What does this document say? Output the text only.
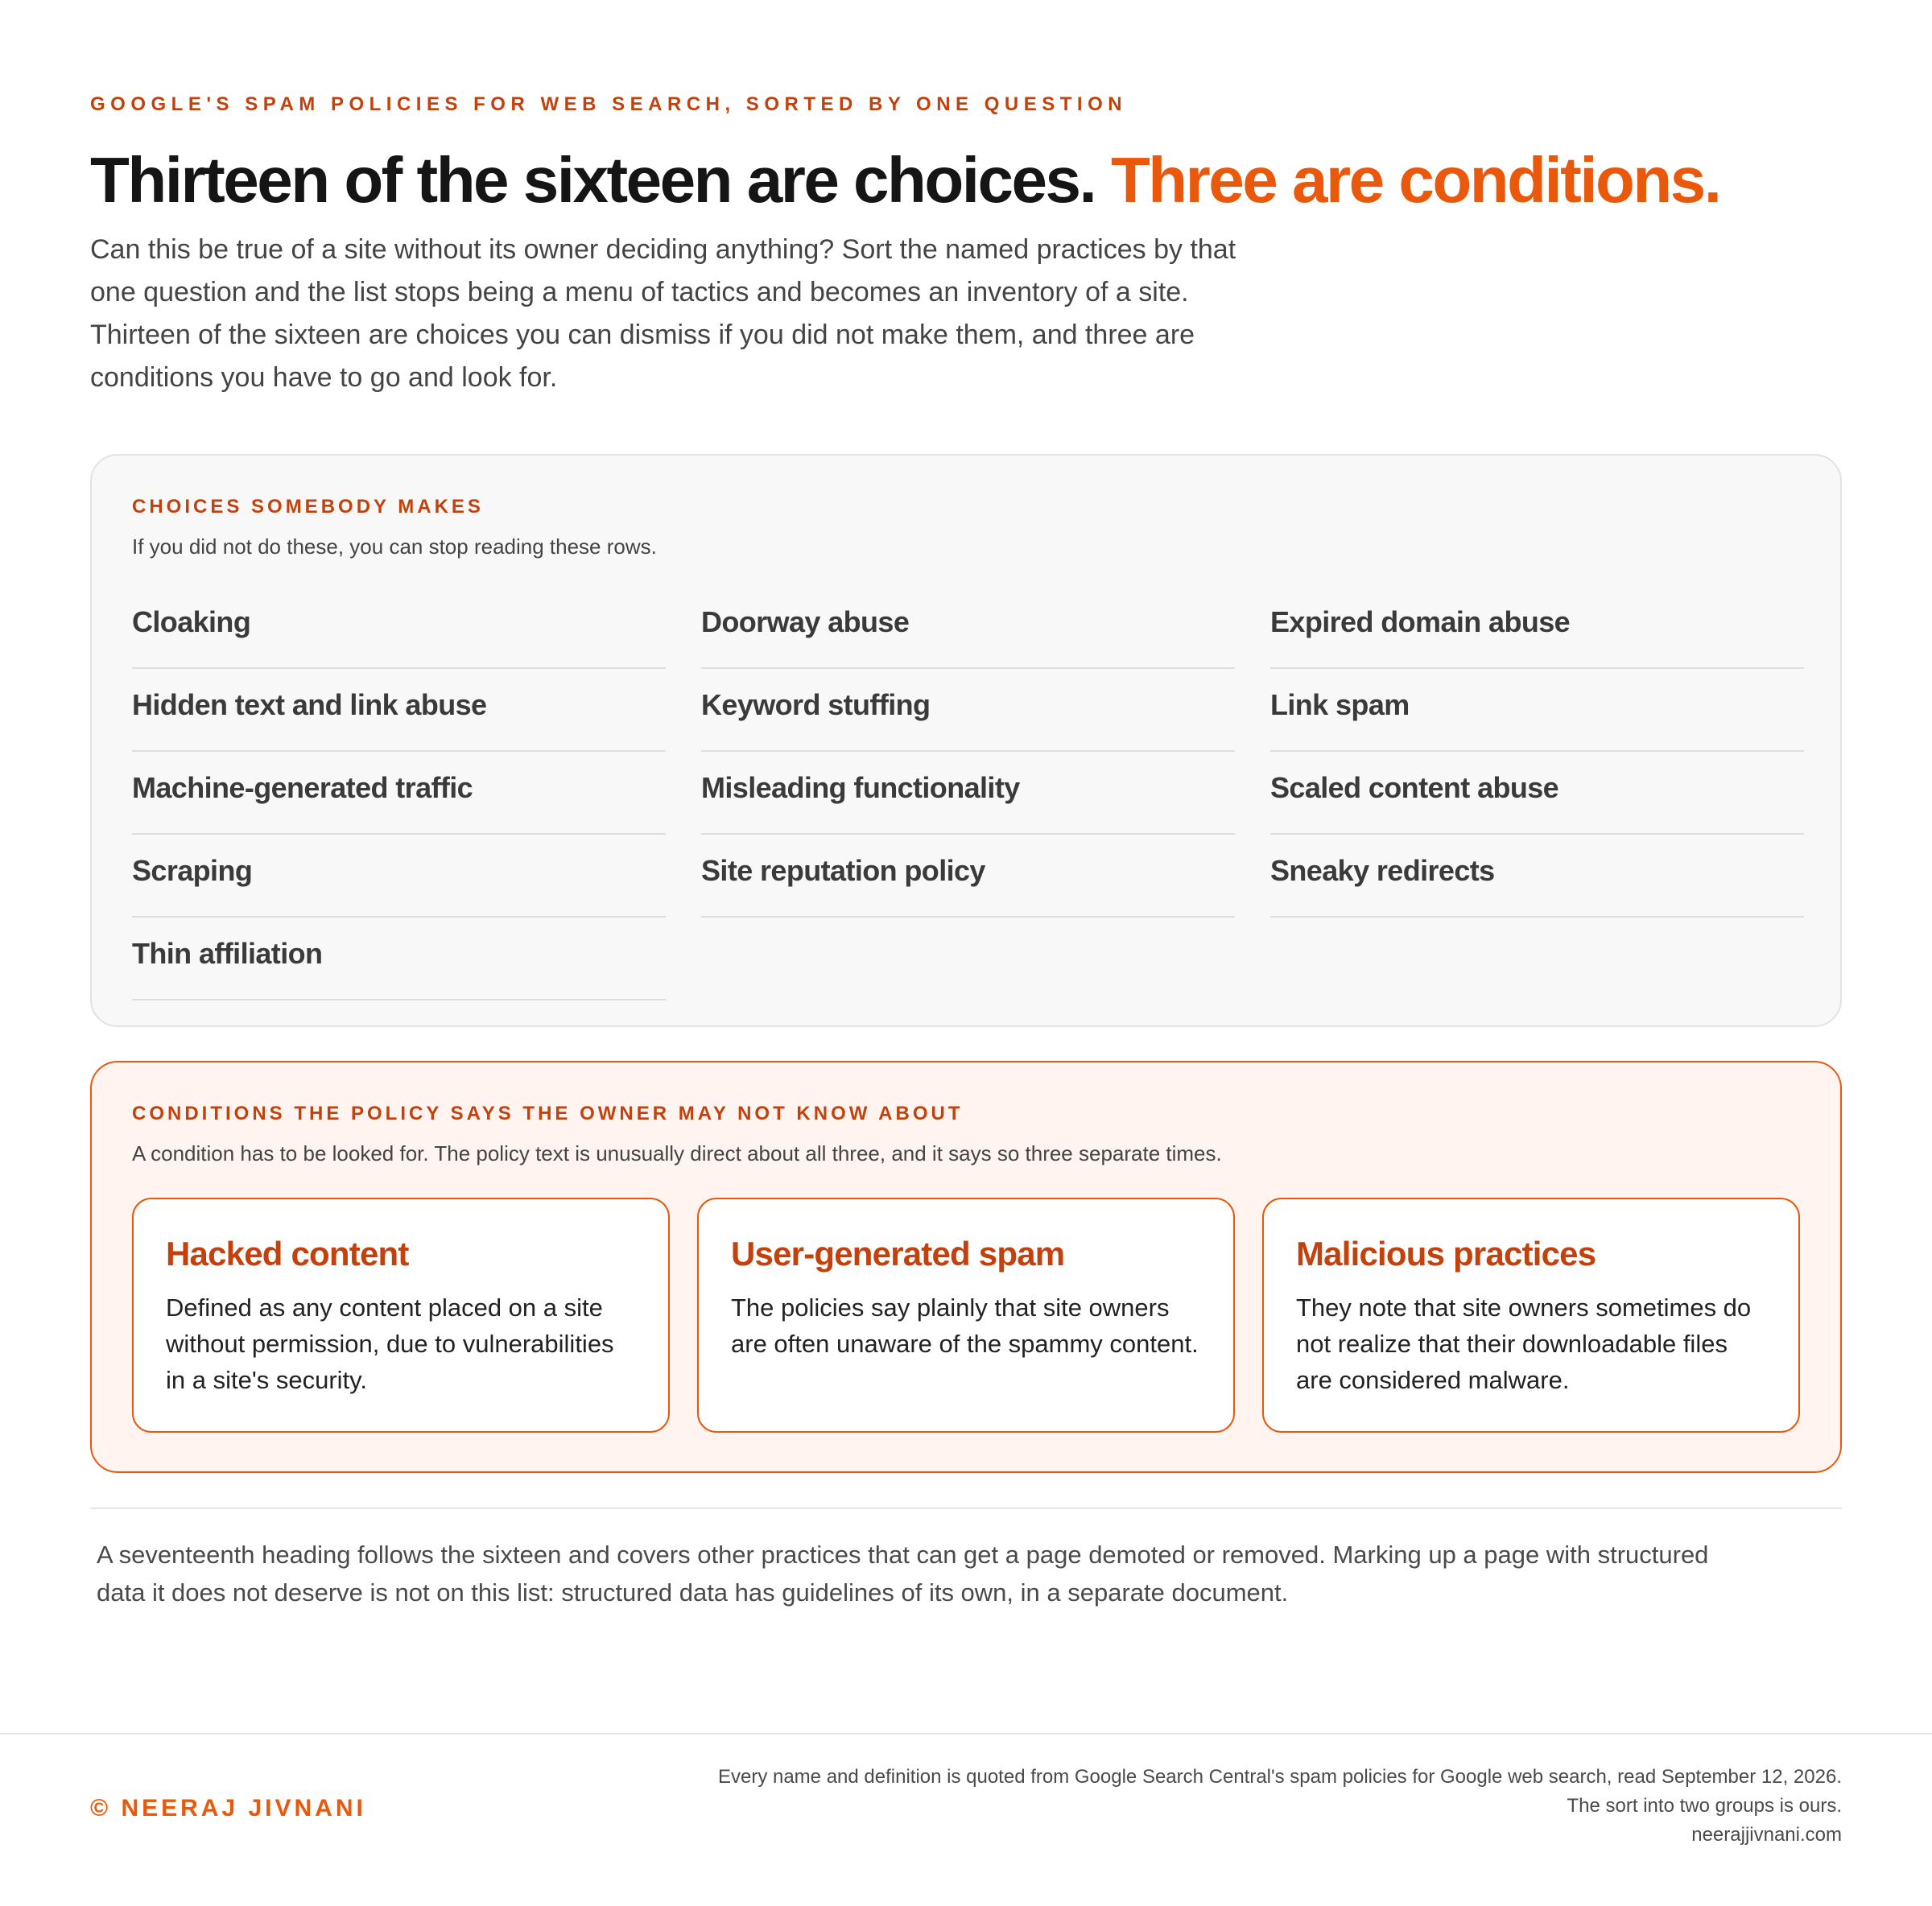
GOOGLE'S SPAM POLICIES FOR WEB SEARCH, SORTED BY ONE QUESTION
Thirteen of the sixteen are choices. Three are conditions.

Can this be true of a site without its owner deciding anything? Sort the named practices by that one question and the list stops being a menu of tactics and becomes an inventory of a site. Thirteen of the sixteen are choices you can dismiss if you did not make them, and three are conditions you have to go and look for.

CHOICES SOMEBODY MAKES
If you did not do these, you can stop reading these rows.
Cloaking	Doorway abuse	Expired domain abuse
Hidden text and link abuse	Keyword stuffing	Link spam
Machine-generated traffic	Misleading functionality	Scaled content abuse
Scraping	Site reputation policy	Sneaky redirects
Thin affiliation
CONDITIONS THE POLICY SAYS THE OWNER MAY NOT KNOW ABOUT
A condition has to be looked for. The policy text is unusually direct about all three, and it says so three separate times.
Hacked content
Defined as any content placed on a site without permission, due to vulnerabilities in a site's security.
User-generated spam
The policies say plainly that site owners are often unaware of the spammy content.
Malicious practices
They note that site owners sometimes do not realize that their downloadable files are considered malware.

A seventeenth heading follows the sixteen and covers other practices that can get a page demoted or removed. Marking up a page with structured data it does not deserve is not on this list: structured data has guidelines of its own, in a separate document.

© NEERAJ JIVNANI
Every name and definition is quoted from Google Search Central's spam policies for Google web search, read September 12, 2026. The sort into two groups is ours.
neerajjivnani.com
